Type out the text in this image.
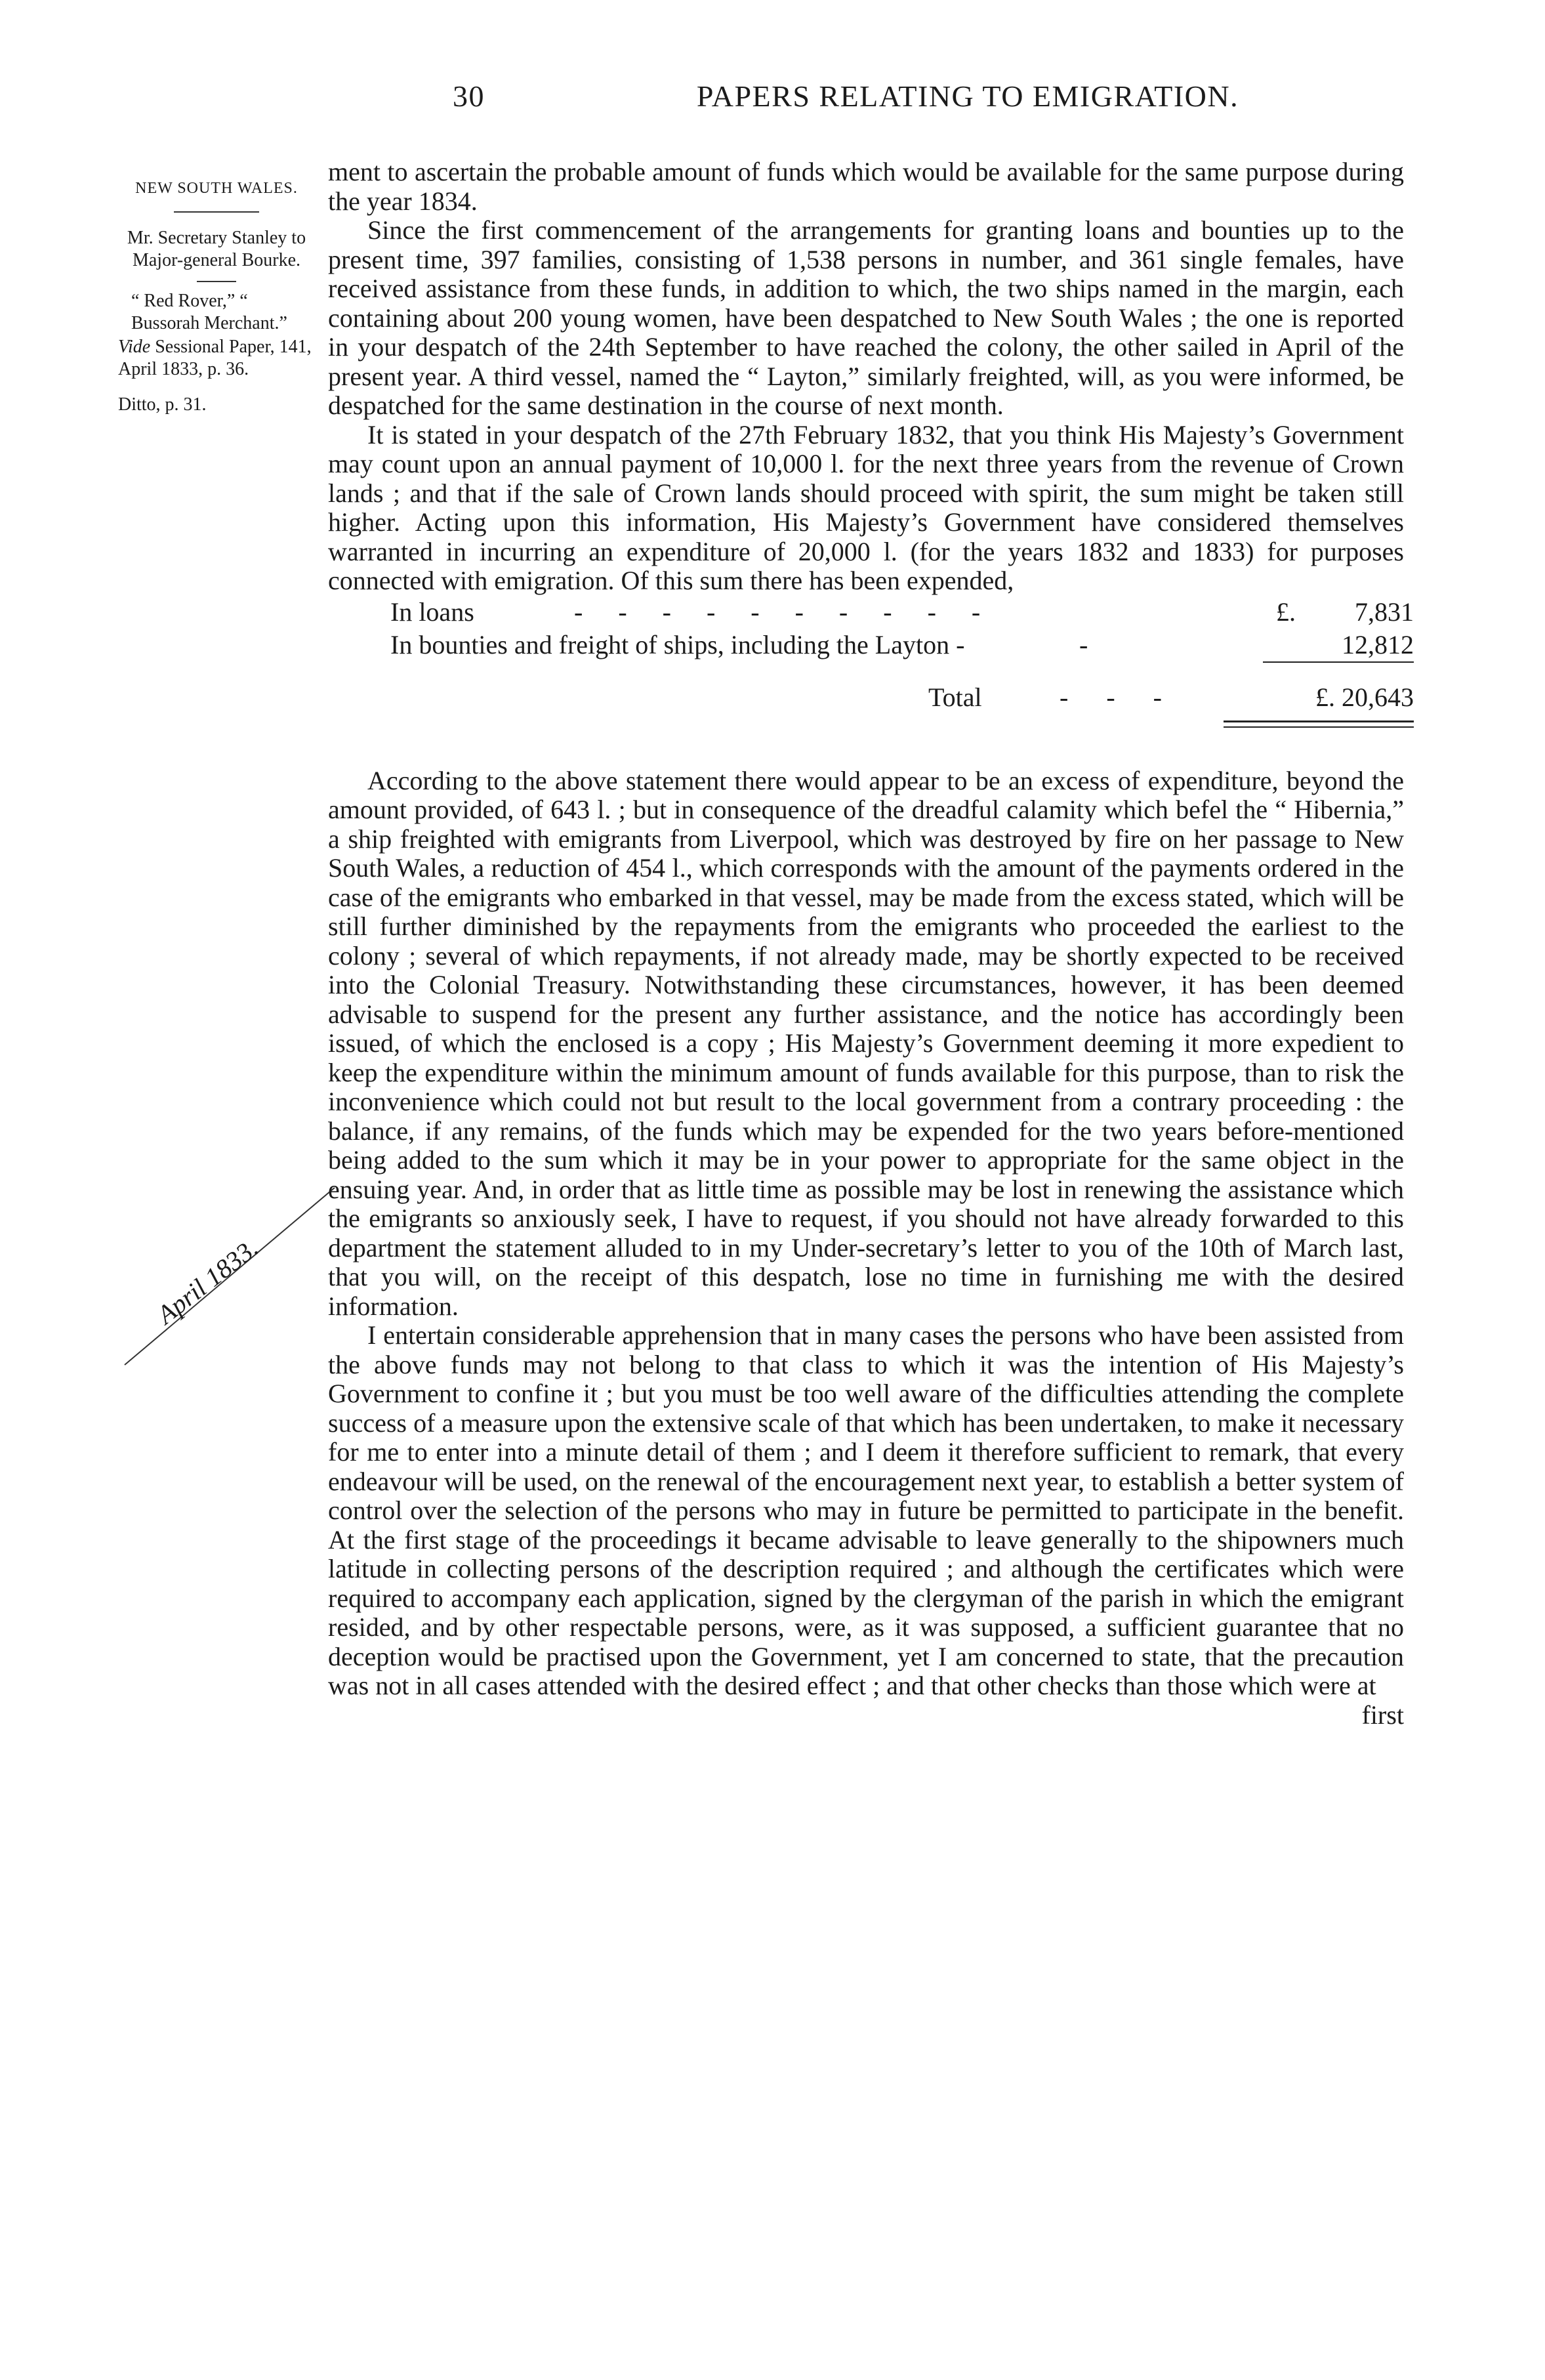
30	PAPERS RELATING TO EMIGRATION.
NEW SOUTH WALES.
Mr. Secretary Stanley to Major-general Bourke.
“ Red Rover,” “ Bussorah Merchant.”
Vide Sessional Paper, 141, April 1833, p. 36.
Ditto, p. 31.
April 1833.

ment to ascertain the probable amount of funds which would be available for the same purpose during the year 1834.

Since the first commencement of the arrangements for granting loans and bounties up to the present time, 397 families, consisting of 1,538 persons in number, and 361 single females, have received assistance from these funds, in addition to which, the two ships named in the margin, each containing about 200 young women, have been despatched to New South Wales ; the one is reported in your despatch of the 24th September to have reached the colony, the other sailed in April of the present year. A third vessel, named the “ Layton,” similarly freighted, will, as you were informed, be despatched for the same destination in the course of next month.

It is stated in your despatch of the 27th February 1832, that you think His Majesty’s Government may count upon an annual payment of 10,000 l. for the next three years from the revenue of Crown lands ; and that if the sale of Crown lands should proceed with spirit, the sum might be taken still higher. Acting upon this information, His Majesty’s Government have considered themselves warranted in incurring an expenditure of 20,000 l. (for the years 1832 and 1833) for purposes connected with emigration. Of this sum there has been expended,

In loans	- - - - - - - - - -	£.	7,831
In bounties and freight of ships, including the Layton -	-	12,812
Total	- - -	£. 20,643

According to the above statement there would appear to be an excess of expenditure, beyond the amount provided, of 643 l. ; but in consequence of the dreadful calamity which befel the “ Hibernia,” a ship freighted with emigrants from Liverpool, which was destroyed by fire on her passage to New South Wales, a reduction of 454 l., which corresponds with the amount of the payments ordered in the case of the emigrants who embarked in that vessel, may be made from the excess stated, which will be still further diminished by the repayments from the emigrants who proceeded the earliest to the colony ; several of which repayments, if not already made, may be shortly expected to be received into the Colonial Treasury. Notwithstanding these circumstances, however, it has been deemed advisable to suspend for the present any further assistance, and the notice has accordingly been issued, of which the enclosed is a copy ; His Majesty’s Government deeming it more expedient to keep the expenditure within the minimum amount of funds available for this purpose, than to risk the inconvenience which could not but result to the local government from a contrary proceeding : the balance, if any remains, of the funds which may be expended for the two years before-mentioned being added to the sum which it may be in your power to appropriate for the same object in the ensuing year. And, in order that as little time as possible may be lost in renewing the assistance which the emigrants so anxiously seek, I have to request, if you should not have already forwarded to this department the statement alluded to in my Under-secretary’s letter to you of the 10th of March last, that you will, on the receipt of this despatch, lose no time in furnishing me with the desired information.

I entertain considerable apprehension that in many cases the persons who have been assisted from the above funds may not belong to that class to which it was the intention of His Majesty’s Government to confine it ; but you must be too well aware of the difficulties attending the complete success of a measure upon the extensive scale of that which has been undertaken, to make it necessary for me to enter into a minute detail of them ; and I deem it therefore sufficient to remark, that every endeavour will be used, on the renewal of the encouragement next year, to establish a better system of control over the selection of the persons who may in future be permitted to participate in the benefit. At the first stage of the proceedings it became advisable to leave generally to the shipowners much latitude in collecting persons of the description required ; and although the certificates which were required to accompany each application, signed by the clergyman of the parish in which the emigrant resided, and by other respectable persons, were, as it was supposed, a sufficient guarantee that no deception would be practised upon the Government, yet I am concerned to state, that the precaution was not in all cases attended with the desired effect ; and that other checks than those which were at

first
